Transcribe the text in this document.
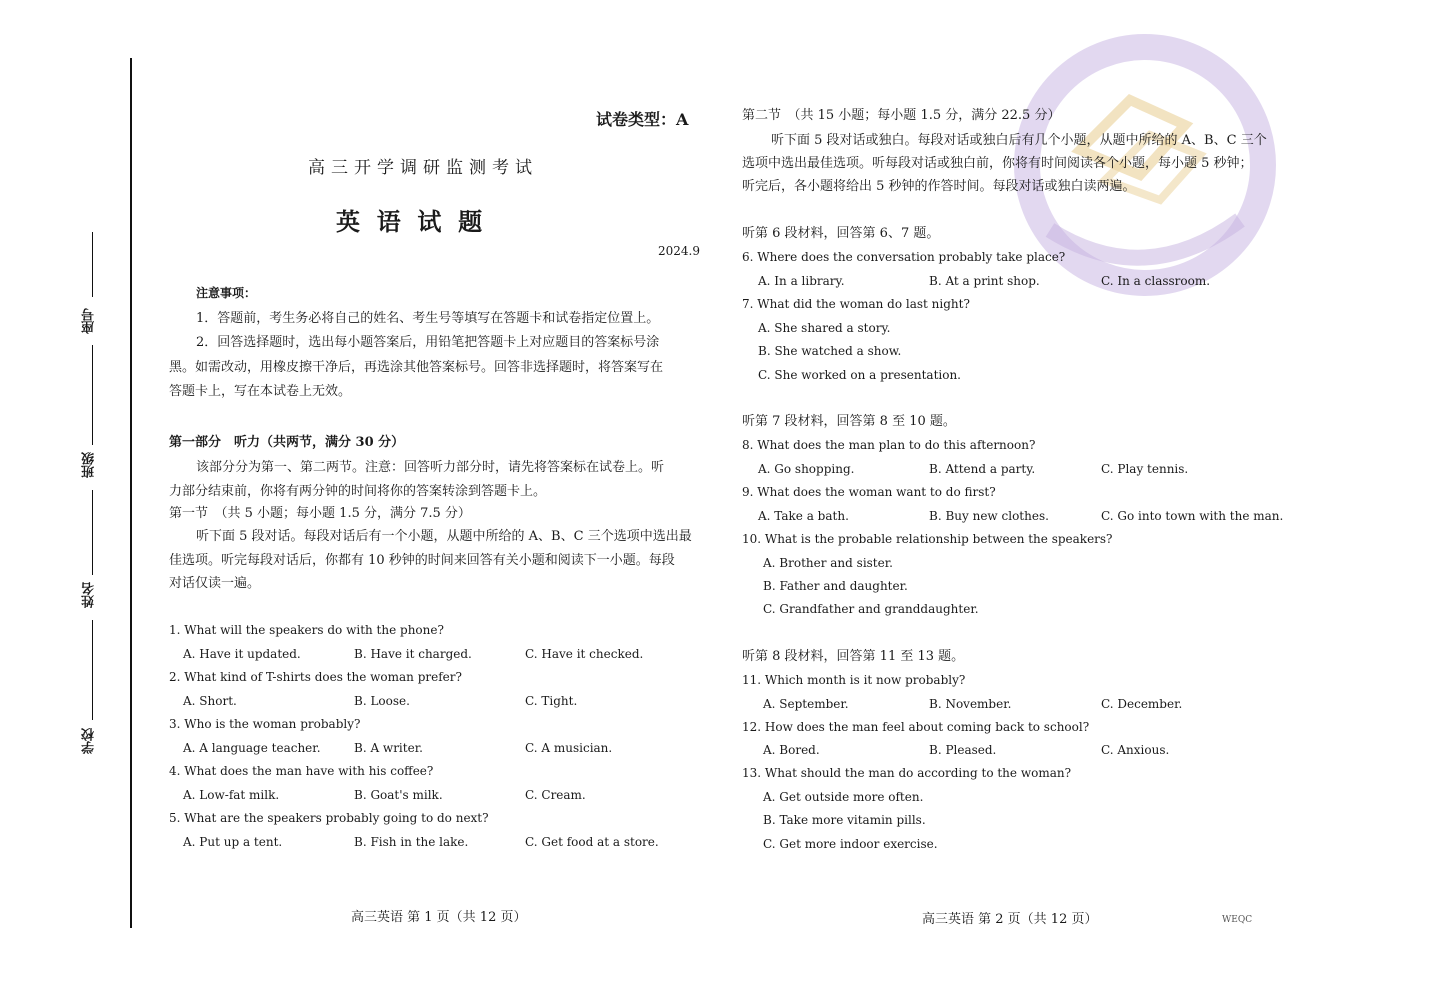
座号
班级
姓名
学校
试卷类型：A
高三开学调研监测考试
英  语  试  题
2024.9
注意事项：
1．答题前，考生务必将自己的姓名、考生号等填写在答题卡和试卷指定位置上。
2．回答选择题时，选出每小题答案后，用铅笔把答题卡上对应题目的答案标号涂
黑。如需改动，用橡皮擦干净后，再选涂其他答案标号。回答非选择题时，将答案写在
答题卡上，写在本试卷上无效。
第一部分　听力（共两节，满分 30 分）
该部分分为第一、第二两节。注意：回答听力部分时，请先将答案标在试卷上。听
力部分结束前，你将有两分钟的时间将你的答案转涂到答题卡上。
第一节　（共 5 小题；每小题 1.5 分，满分 7.5 分）
听下面 5 段对话。每段对话后有一个小题，从题中所给的 A、B、C 三个选项中选出最
佳选项。听完每段对话后，你都有 10 秒钟的时间来回答有关小题和阅读下一小题。每段
对话仅读一遍。
1. What will the speakers do with the phone?
A. Have it updated.	B. Have it charged.	C. Have it checked.
2. What kind of T-shirts does the woman prefer?
A. Short.	B. Loose.	C. Tight.
3. Who is the woman probably?
A. A language teacher.	B. A writer.	C. A musician.
4. What does the man have with his coffee?
A. Low-fat milk.	B. Goat's milk.	C. Cream.
5. What are the speakers probably going to do next?
A. Put up a tent.	B. Fish in the lake.	C. Get food at a store.
第二节　（共 15 小题；每小题 1.5 分，满分 22.5 分）
听下面 5 段对话或独白。每段对话或独白后有几个小题，从题中所给的 A、B、C 三个
选项中选出最佳选项。听每段对话或独白前，你将有时间阅读各个小题，每小题 5 秒钟；
听完后，各小题将给出 5 秒钟的作答时间。每段对话或独白读两遍。
听第 6 段材料，回答第 6、7 题。
6. Where does the conversation probably take place?
A. In a library.	B. At a print shop.	C. In a classroom.
7. What did the woman do last night?
A. She shared a story.
B. She watched a show.
C. She worked on a presentation.
听第 7 段材料，回答第 8 至 10 题。
8. What does the man plan to do this afternoon?
A. Go shopping.	B. Attend a party.	C. Play tennis.
9. What does the woman want to do first?
A. Take a bath.	B. Buy new clothes.	C. Go into town with the man.
10. What is the probable relationship between the speakers?
A. Brother and sister.
B. Father and daughter.
C. Grandfather and granddaughter.
听第 8 段材料，回答第 11 至 13 题。
11. Which month is it now probably?
A. September.	B. November.	C. December.
12. How does the man feel about coming back to school?
A. Bored.	B. Pleased.	C. Anxious.
13. What should the man do according to the woman?
A. Get outside more often.
B. Take more vitamin pills.
C. Get more indoor exercise.
高三英语 第 1 页（共 12 页）	高三英语 第 2 页（共 12 页）	WEQC
